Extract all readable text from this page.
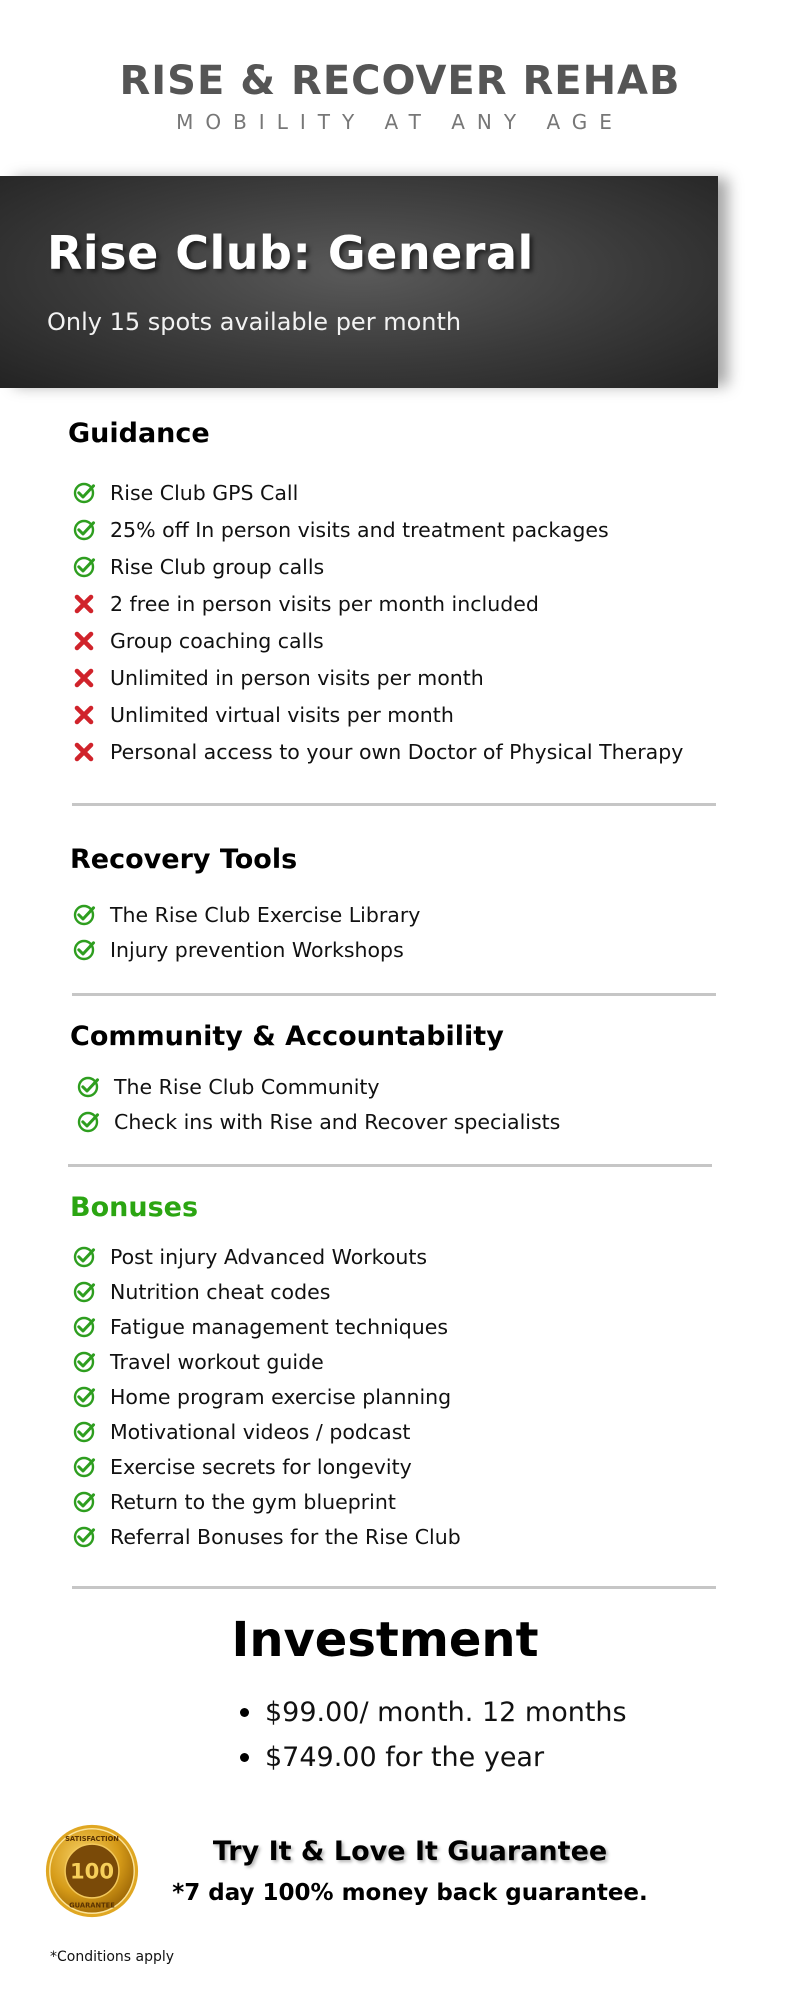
RISE & RECOVER REHAB
MOBILITY AT ANY AGE
Rise Club: General
Only 15 spots available per month
Guidance
Rise Club GPS Call
25% off In person visits and treatment packages
Rise Club group calls
2 free in person visits per month included
Group coaching calls
Unlimited in person visits per month
Unlimited virtual visits per month
Personal access to your own Doctor of Physical Therapy
Recovery Tools
The Rise Club Exercise Library
Injury prevention Workshops
Community & Accountability
The Rise Club Community
Check ins with Rise and Recover specialists
Bonuses
Post injury Advanced Workouts
Nutrition cheat codes
Fatigue management techniques
Travel workout guide
Home program exercise planning
Motivational videos / podcast
Exercise secrets for longevity
Return to the gym blueprint
Referral Bonuses for the Rise Club
Investment
$99.00/ month. 12 months
$749.00 for the year
100
SATISFACTION
GUARANTEE
Try It & Love It Guarantee
*7 day 100% money back guarantee.
*Conditions apply
